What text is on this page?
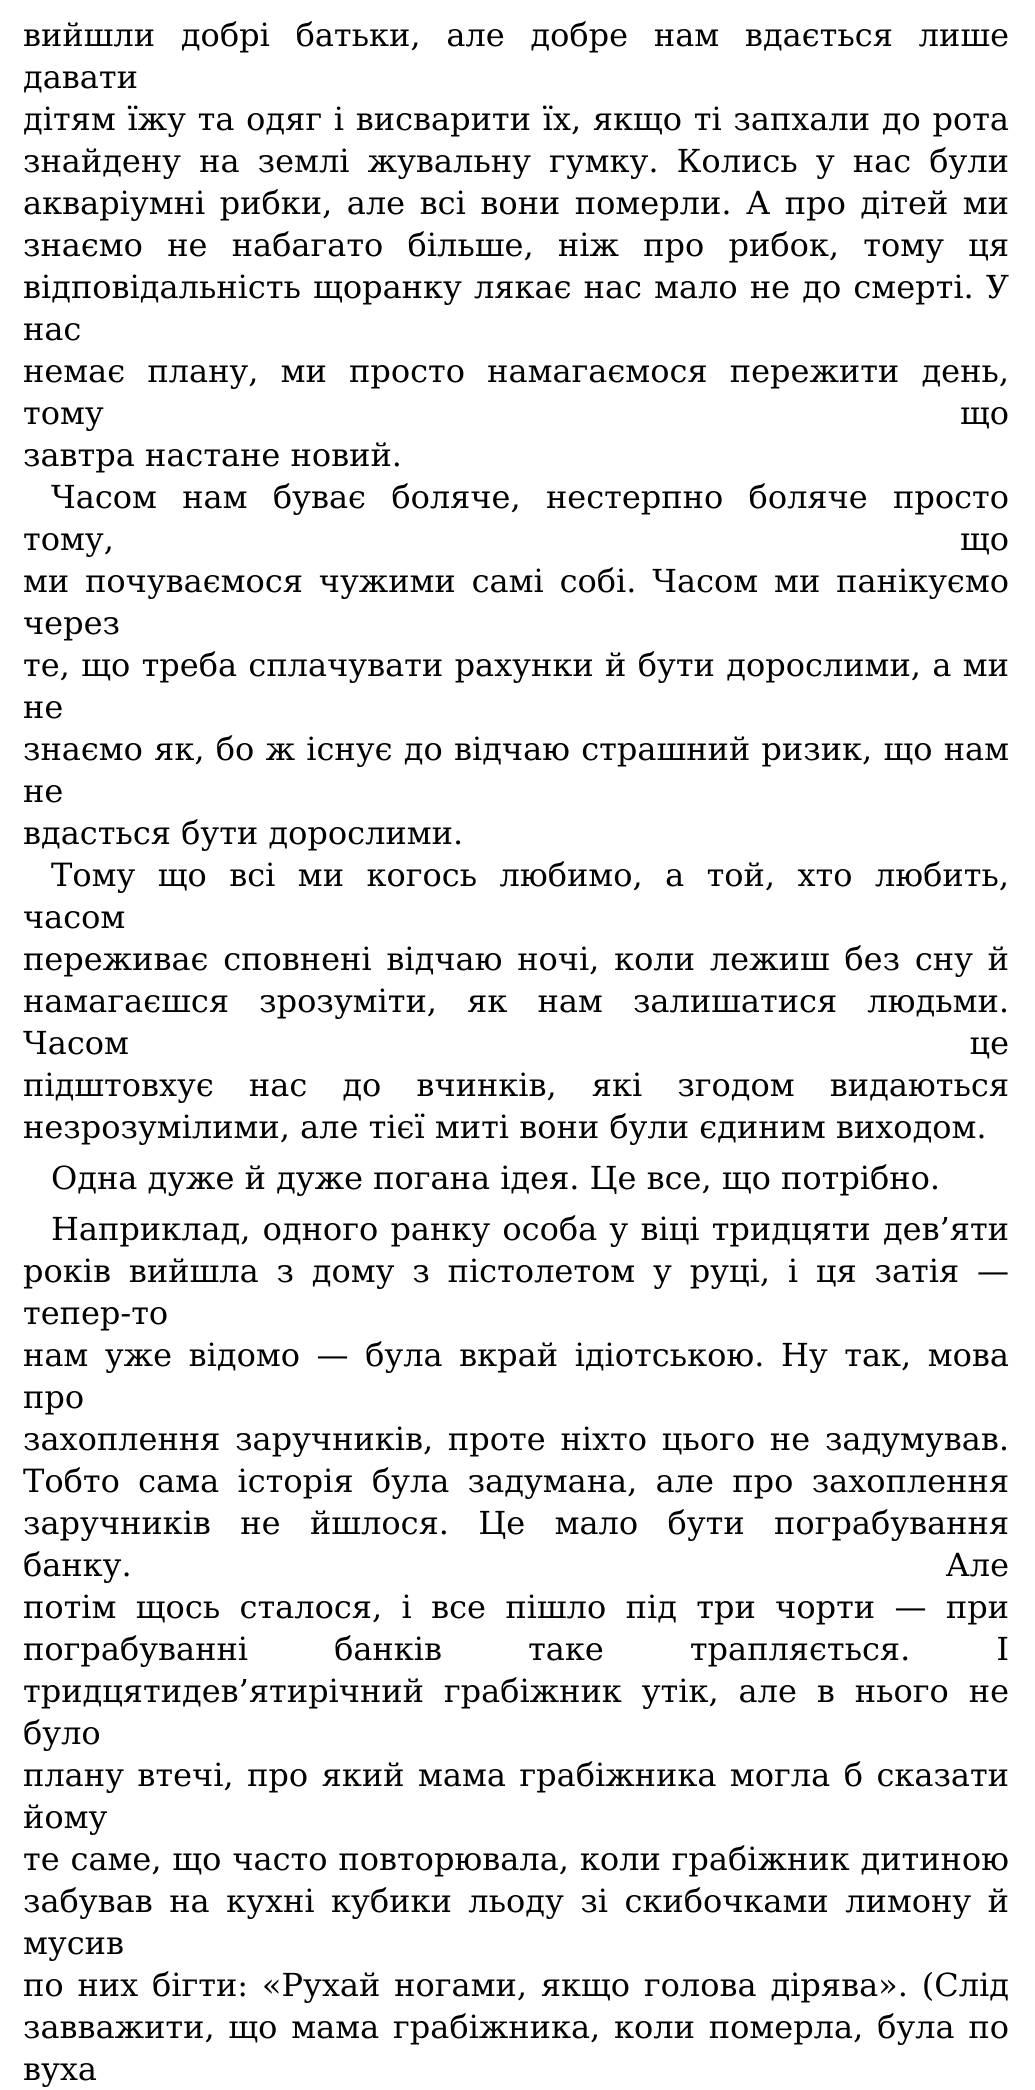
вийшли добрі батьки, але добре нам вдається лише давати
дітям їжу та одяг і висварити їх, якщо ті запхали до рота
знайдену на землі жувальну гумку. Колись у нас були
акваріумні рибки, але всі вони померли. А про дітей ми
знаємо не набагато більше, ніж про рибок, тому ця
відповідальність щоранку лякає нас мало не до смерті. У нас
немає плану, ми просто намагаємося пережити день, тому що
завтра настане новий.
Часом нам буває боляче, нестерпно боляче просто тому, що
ми почуваємося чужими самі собі. Часом ми панікуємо через
те, що треба сплачувати рахунки й бути дорослими, а ми не
знаємо як, бо ж існує до відчаю страшний ризик, що нам не
вдасться бути дорослими.
Тому що всі ми когось любимо, а той, хто любить, часом
переживає сповнені відчаю ночі, коли лежиш без сну й
намагаєшся зрозуміти, як нам залишатися людьми. Часом це
підштовхує нас до вчинків, які згодом видаються
незрозумілими, але тієї миті вони були єдиним виходом.
Одна дуже й дуже погана ідея. Це все, що потрібно.
Наприклад, одного ранку особа у віці тридцяти дев’яти
років вийшла з дому з пістолетом у руці, і ця затія — тепер-то
нам уже відомо — була вкрай ідіотською. Ну так, мова про
захоплення заручників, проте ніхто цього не задумував.
Тобто сама історія була задумана, але про захоплення
заручників не йшлося. Це мало бути пограбування банку. Але
потім щось сталося, і все пішло під три чорти — при
пограбуванні банків таке трапляється. І
тридцятидев’ятирічний грабіжник утік, але в нього не було
плану втечі, про який мама грабіжника могла б сказати йому
те саме, що часто повторювала, коли грабіжник дитиною
забував на кухні кубики льоду зі скибочками лимону й мусив
по них бігти: «Рухай ногами, якщо голова дірява». (Слід
завважити, що мама грабіжника, коли померла, була по вуха
